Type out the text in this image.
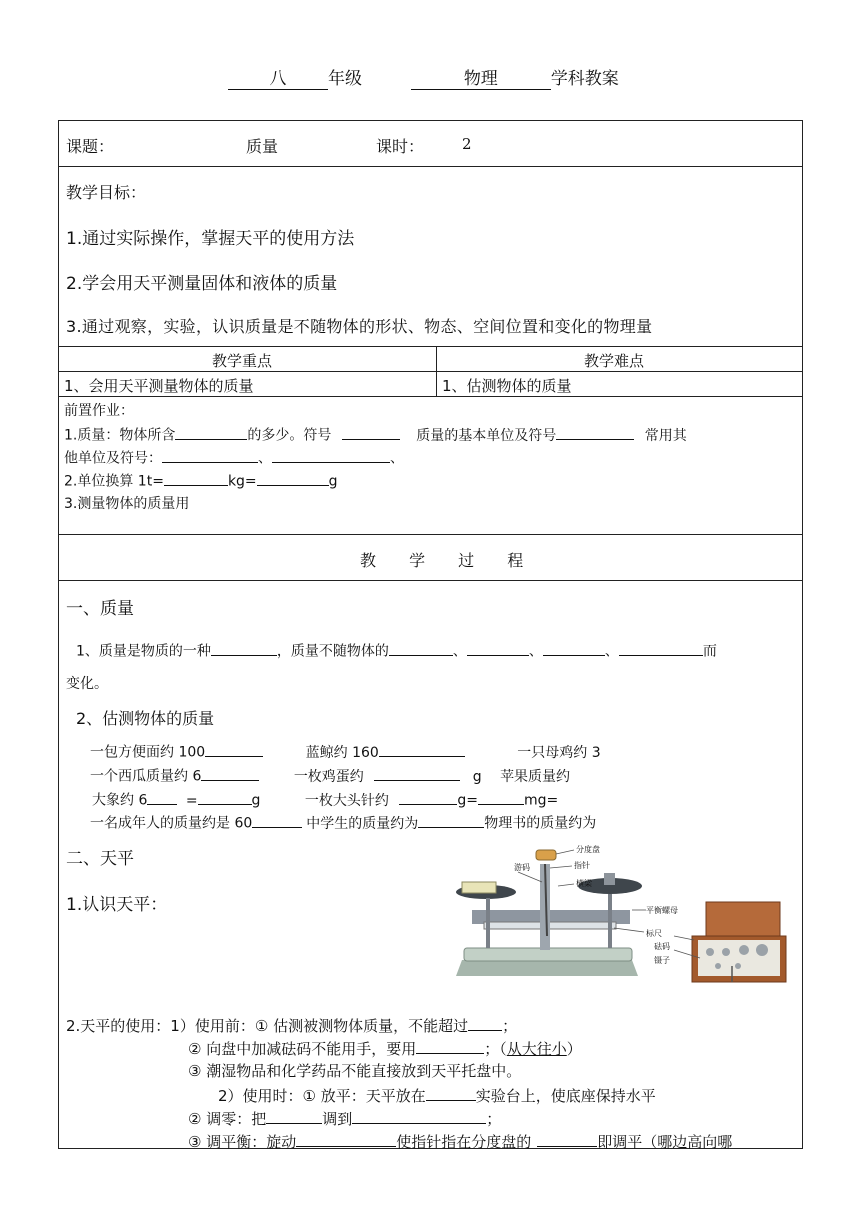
八 年级	物理	学科教案
课题：	质量	课时：	2
教学目标：
1.通过实际操作，掌握天平的使用方法
2.学会用天平测量固体和液体的质量
3.通过观察，实验，认识质量是不随物体的形状、物态、空间位置和变化的物理量
教学重点	教学难点
1、会用天平测量物体的质量	1、估测物体的质量
前置作业：
1.质量：物体所含	的多少。符号	质量的基本单位及符号	常用其
他单位及符号：	、	、
2.单位换算 1t=	kg=	g
3.测量物体的质量用
教 学 过 程
一、质量
1、质量是物质的一种	，质量不随物体的	、	、	、	而
变化。
2、估测物体的质量
一包方便面约 100	蓝鲸约 160	一只母鸡约 3
一个西瓜质量约 6	一枚鸡蛋约	g 苹果质量约
大象约 6	=	g	一枚大头针约	g=	mg=
一名成年人的质量约是 60	中学生的质量约为	物理书的质量约为
二、天平
1.认识天平：
分度盘
指针
游码
横梁
平衡螺母
标尺
砝码
镊子
2.天平的使用：1）使用前：① 估测被测物体质量，不能超过 ；
② 向盘中加减砝码不能用手，要用	；（从大往小）
③ 潮湿物品和化学药品不能直接放到天平托盘中。
2）使用时：① 放平：天平放在	实验台上，使底座保持水平
② 调零：把	调到	；
③ 调平衡：旋动	使指针指在分度盘的	即调平（哪边高向哪
